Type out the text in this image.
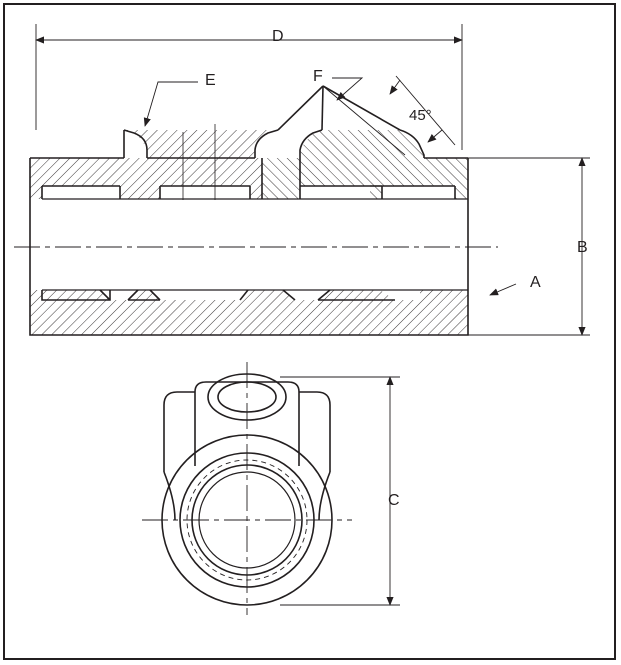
D
E	F
45°
B
A
C
